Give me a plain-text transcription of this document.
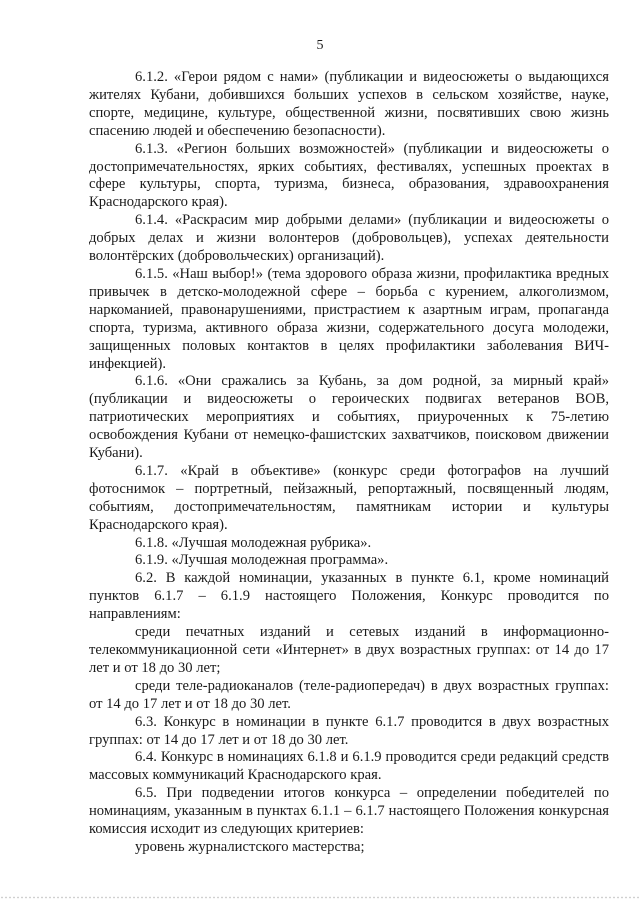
5

6.1.2. «Герои рядом с нами» (публикации и видеосюжеты о выдающихся жителях Кубани, добившихся больших успехов в сельском хозяйстве, науке, спорте, медицине, культуре, общественной жизни, посвятивших свою жизнь спасению людей и обеспечению безопасности).

6.1.3. «Регион больших возможностей» (публикации и видеосюжеты о достопримечательностях, ярких событиях, фестивалях, успешных проектах в сфере культуры, спорта, туризма, бизнеса, образования, здравоохранения Краснодарского края).

6.1.4. «Раскрасим мир добрыми делами» (публикации и видеосюжеты о добрых делах и жизни волонтеров (добровольцев), успехах деятельности волонтёрских (добровольческих) организаций).

6.1.5. «Наш выбор!» (тема здорового образа жизни, профилактика вредных привычек в детско-молодежной сфере – борьба с курением, алкоголизмом, наркоманией, правонарушениями, пристрастием к азартным играм, пропаганда спорта, туризма, активного образа жизни, содержательного досуга молодежи, защищенных половых контактов в целях профилактики заболевания ВИЧ-инфекцией).

6.1.6. «Они сражались за Кубань, за дом родной, за мирный край» (публикации и видеосюжеты о героических подвигах ветеранов ВОВ, патриотических мероприятиях и событиях, приуроченных к 75-летию освобождения Кубани от немецко-фашистских захватчиков, поисковом движении Кубани).

6.1.7. «Край в объективе» (конкурс среди фотографов на лучший фотоснимок – портретный, пейзажный, репортажный, посвященный людям, событиям, достопримечательностям, памятникам истории и культуры Краснодарского края).

6.1.8. «Лучшая молодежная рубрика».

6.1.9. «Лучшая молодежная программа».

6.2. В каждой номинации, указанных в пункте 6.1, кроме номинаций пунктов 6.1.7 – 6.1.9 настоящего Положения, Конкурс проводится по направлениям:

среди печатных изданий и сетевых изданий в информационно-телекоммуникационной сети «Интернет» в двух возрастных группах: от 14 до 17 лет и от 18 до 30 лет;

среди теле-радиоканалов (теле-радиопередач) в двух возрастных группах: от 14 до 17 лет и от 18 до 30 лет.

6.3. Конкурс в номинации в пункте 6.1.7 проводится в двух возрастных группах: от 14 до 17 лет и от 18 до 30 лет.

6.4. Конкурс в номинациях 6.1.8 и 6.1.9 проводится среди редакций средств массовых коммуникаций Краснодарского края.

6.5. При подведении итогов конкурса – определении победителей по номинациям, указанным в пунктах 6.1.1 – 6.1.7 настоящего Положения конкурсная комиссия исходит из следующих критериев:

уровень журналистского мастерства;
